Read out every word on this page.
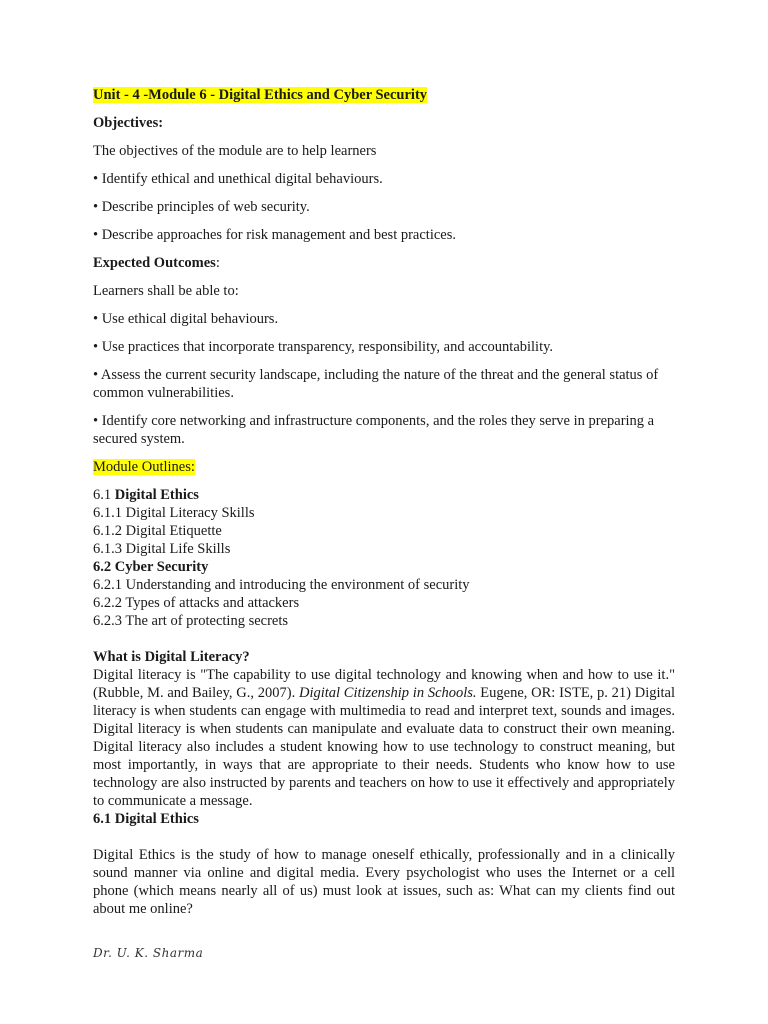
Unit - 4 -Module 6 - Digital Ethics and Cyber Security

Objectives:

The objectives of the module are to help learners

• Identify ethical and unethical digital behaviours.

• Describe principles of web security.

• Describe approaches for risk management and best practices.

Expected Outcomes:

Learners shall be able to:

• Use ethical digital behaviours.

• Use practices that incorporate transparency, responsibility, and accountability.

• Assess the current security landscape, including the nature of the threat and the general status of common vulnerabilities.

• Identify core networking and infrastructure components, and the roles they serve in preparing a secured system.

Module Outlines:

6.1 Digital Ethics

6.1.1 Digital Literacy Skills

6.1.2 Digital Etiquette

6.1.3 Digital Life Skills

6.2 Cyber Security

6.2.1 Understanding and introducing the environment of security

6.2.2 Types of attacks and attackers

6.2.3 The art of protecting secrets

What is Digital Literacy?

Digital literacy is "The capability to use digital technology and knowing when and how to use it." (Rubble, M. and Bailey, G., 2007). Digital Citizenship in Schools. Eugene, OR: ISTE, p. 21) Digital literacy is when students can engage with multimedia to read and interpret text, sounds and images. Digital literacy is when students can manipulate and evaluate data to construct their own meaning. Digital literacy also includes a student knowing how to use technology to construct meaning, but most importantly, in ways that are appropriate to their needs. Students who know how to use technology are also instructed by parents and teachers on how to use it effectively and appropriately to communicate a message.

6.1 Digital Ethics

Digital Ethics is the study of how to manage oneself ethically, professionally and in a clinically sound manner via online and digital media. Every psychologist who uses the Internet or a cell phone (which means nearly all of us) must look at issues, such as: What can my clients find out about me online?

Dr. U. K. Sharma
